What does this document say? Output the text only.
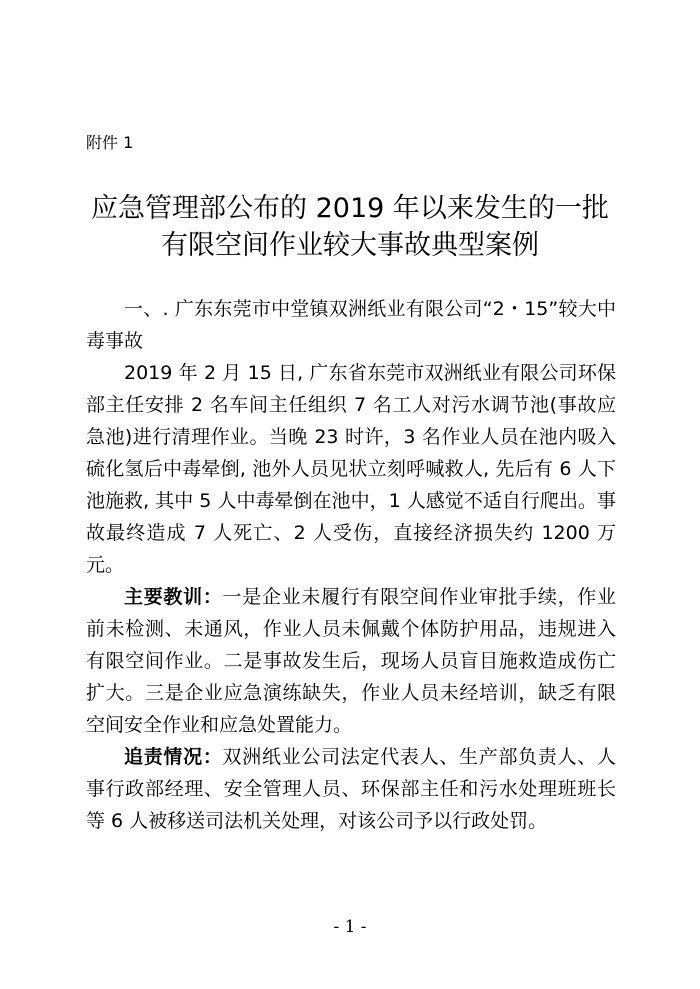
附件 1
应急管理部公布的 2019 年以来发生的一批
有限空间作业较大事故典型案例

一、. 广东东莞市中堂镇双洲纸业有限公司“2・15”较大中毒事故

2019 年 2 月 15 日, 广东省东莞市双洲纸业有限公司环保部主任安排 2 名车间主任组织 7 名工人对污水调节池(事故应急池)进行清理作业。当晚 23 时许，3 名作业人员在池内吸入硫化氢后中毒晕倒, 池外人员见状立刻呼喊救人, 先后有 6 人下池施救, 其中 5 人中毒晕倒在池中，1 人感觉不适自行爬出。事故最终造成 7 人死亡、2 人受伤，直接经济损失约 1200 万元。

主要教训：一是企业未履行有限空间作业审批手续，作业前未检测、未通风，作业人员未佩戴个体防护用品，违规进入有限空间作业。二是事故发生后，现场人员盲目施救造成伤亡扩大。三是企业应急演练缺失，作业人员未经培训，缺乏有限空间安全作业和应急处置能力。

追责情况：双洲纸业公司法定代表人、生产部负责人、人事行政部经理、安全管理人员、环保部主任和污水处理班班长等 6 人被移送司法机关处理，对该公司予以行政处罚。

- 1 -
